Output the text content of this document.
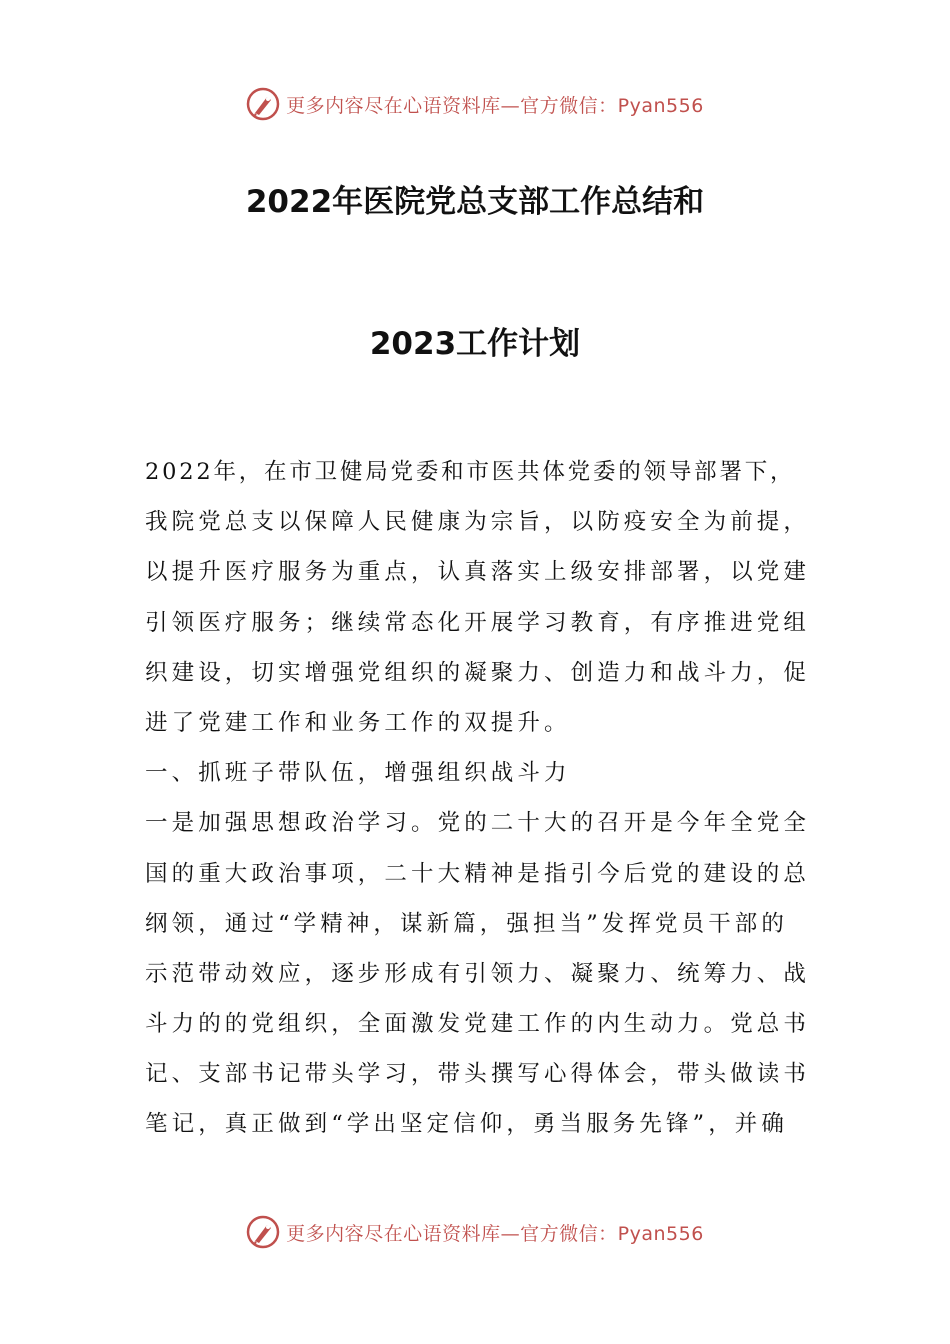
更多内容尽在心语资料库—官方微信：Pyan556
2022年医院党总支部工作总结和
2023工作计划
2022年，在市卫健局党委和市医共体党委的领导部署下，
我院党总支以保障人民健康为宗旨，以防疫安全为前提，
以提升医疗服务为重点，认真落实上级安排部署，以党建
引领医疗服务；继续常态化开展学习教育，有序推进党组
织建设，切实增强党组织的凝聚力、创造力和战斗力，促
进了党建工作和业务工作的双提升。
一、抓班子带队伍，增强组织战斗力
一是加强思想政治学习。党的二十大的召开是今年全党全
国的重大政治事项，二十大精神是指引今后党的建设的总
纲领，通过“学精神，谋新篇，强担当”发挥党员干部的
示范带动效应，逐步形成有引领力、凝聚力、统筹力、战
斗力的的党组织，全面激发党建工作的内生动力。党总书
记、支部书记带头学习，带头撰写心得体会，带头做读书
笔记，真正做到“学出坚定信仰，勇当服务先锋”，并确
更多内容尽在心语资料库—官方微信：Pyan556
